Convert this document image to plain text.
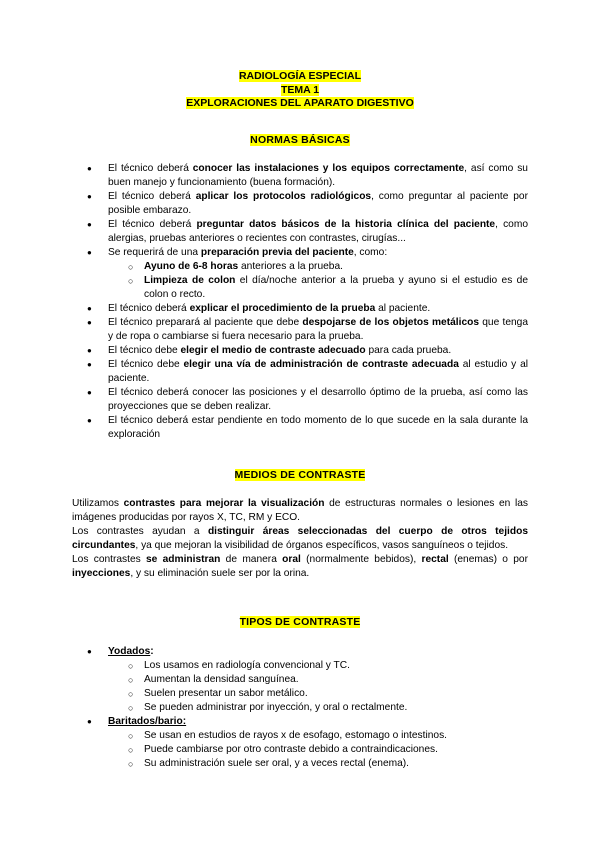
RADIOLOGÍA ESPECIAL
TEMA 1
EXPLORACIONES DEL APARATO DIGESTIVO
NORMAS BÁSICAS
● El técnico deberá conocer las instalaciones y los equipos correctamente, así como su buen manejo y funcionamiento (buena formación).
● El técnico deberá aplicar los protocolos radiológicos, como preguntar al paciente por posible embarazo.
● El técnico deberá preguntar datos básicos de la historia clínica del paciente, como alergias, pruebas anteriores o recientes con contrastes, cirugías...
● Se requerirá de una preparación previa del paciente, como:
○ Ayuno de 6-8 horas anteriores a la prueba.
○ Limpieza de colon el día/noche anterior a la prueba y ayuno si el estudio es de colon o recto.
● El técnico deberá explicar el procedimiento de la prueba al paciente.
● El técnico preparará al paciente que debe despojarse de los objetos metálicos que tenga y de ropa o cambiarse si fuera necesario para la prueba.
● El técnico debe elegir el medio de contraste adecuado para cada prueba.
● El técnico debe elegir una vía de administración de contraste adecuada al estudio y al paciente.
● El técnico deberá conocer las posiciones y el desarrollo óptimo de la prueba, así como las proyecciones que se deben realizar.
● El técnico deberá estar pendiente en todo momento de lo que sucede en la sala durante la exploración
MEDIOS DE CONTRASTE

Utilizamos contrastes para mejorar la visualización de estructuras normales o lesiones en las imágenes producidas por rayos X, TC, RM y ECO.

Los contrastes ayudan a distinguir áreas seleccionadas del cuerpo de otros tejidos circundantes, ya que mejoran la visibilidad de órganos específicos, vasos sanguíneos o tejidos.

Los contrastes se administran de manera oral (normalmente bebidos), rectal (enemas) o por inyecciones, y su eliminación suele ser por la orina.

TIPOS DE CONTRASTE
● Yodados:
○ Los usamos en radiología convencional y TC.
○ Aumentan la densidad sanguínea.
○ Suelen presentar un sabor metálico.
○ Se pueden administrar por inyección, y oral o rectalmente.
● Baritados/bario:
○ Se usan en estudios de rayos x de esofago, estomago o intestinos.
○ Puede cambiarse por otro contraste debido a contraindicaciones.
○ Su administración suele ser oral, y a veces rectal (enema).
